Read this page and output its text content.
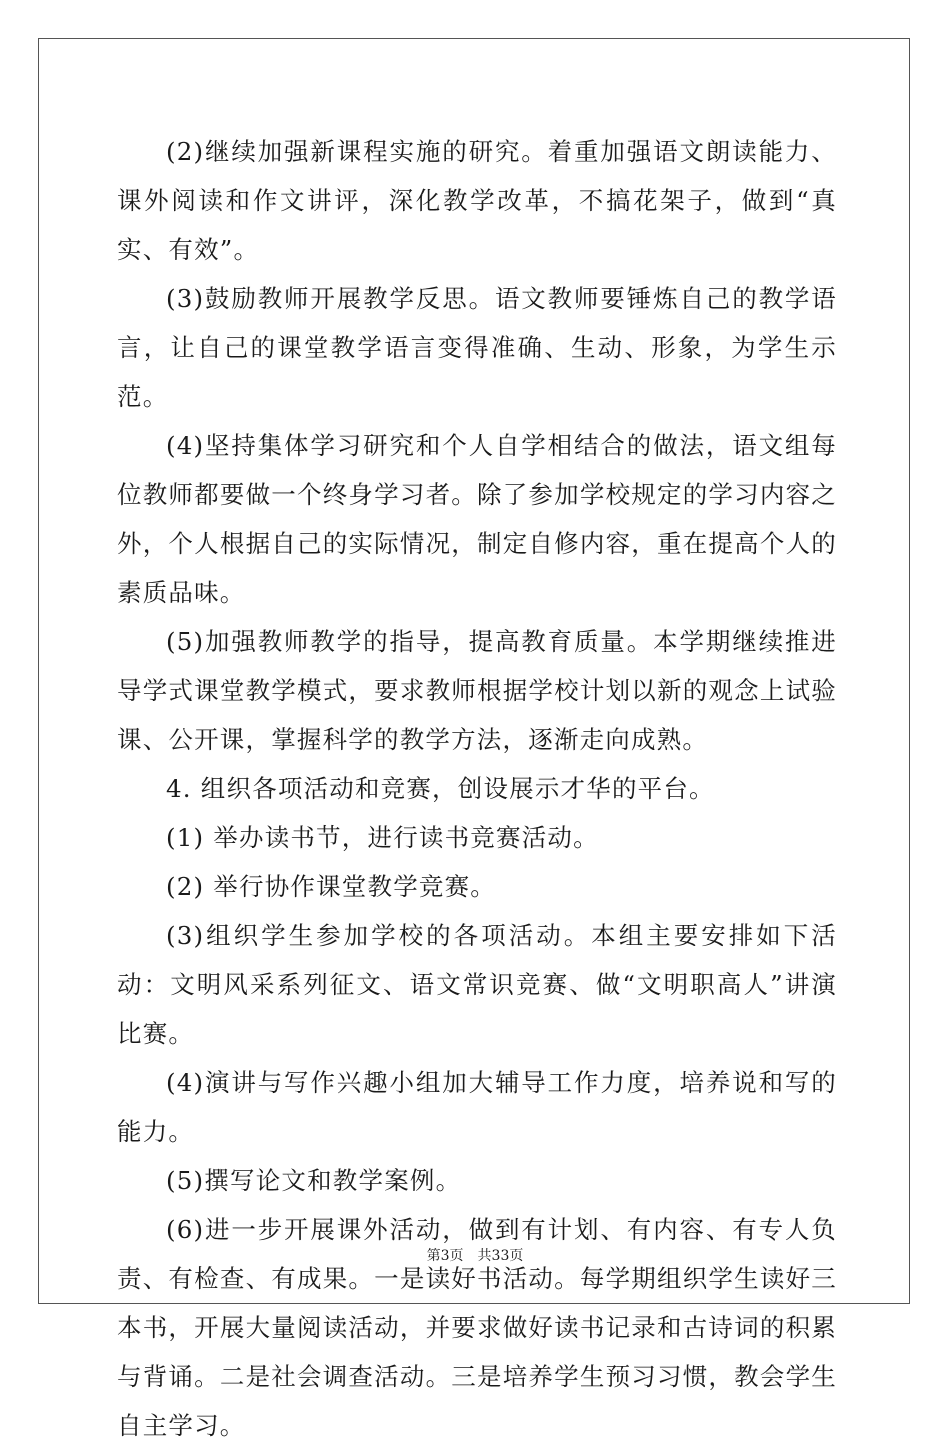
(2)继续加强新课程实施的研究。着重加强语文朗读能力、课外阅读和作文讲评，深化教学改革，不搞花架子，做到“真实、有效”。

(3)鼓励教师开展教学反思。语文教师要锤炼自己的教学语言，让自己的课堂教学语言变得准确、生动、形象，为学生示范。

(4)坚持集体学习研究和个人自学相结合的做法，语文组每位教师都要做一个终身学习者。除了参加学校规定的学习内容之外，个人根据自己的实际情况，制定自修内容，重在提高个人的素质品味。

(5)加强教师教学的指导，提高教育质量。本学期继续推进导学式课堂教学模式，要求教师根据学校计划以新的观念上试验课、公开课，掌握科学的教学方法，逐渐走向成熟。

4. 组织各项活动和竞赛，创设展示才华的平台。

(1) 举办读书节，进行读书竞赛活动。

(2) 举行协作课堂教学竞赛。

(3)组织学生参加学校的各项活动。本组主要安排如下活动：文明风采系列征文、语文常识竞赛、做“文明职高人”讲演比赛。

(4)演讲与写作兴趣小组加大辅导工作力度，培养说和写的能力。

(5)撰写论文和教学案例。

(6)进一步开展课外活动，做到有计划、有内容、有专人负责、有检查、有成果。一是读好书活动。每学期组织学生读好三本书，开展大量阅读活动，并要求做好读书记录和古诗词的积累与背诵。二是社会调查活动。三是培养学生预习习惯，教会学生自主学习。

第3页 共33页
